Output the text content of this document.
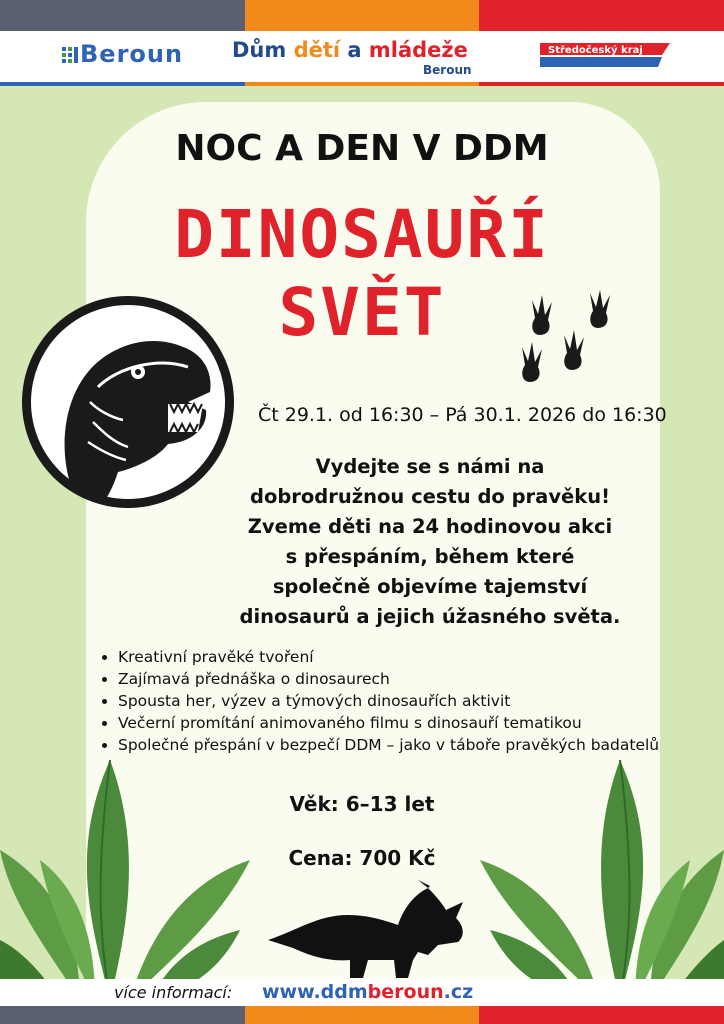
Beroun Dům dětí a mládeže
Beroun
Středočeský kraj
NOC A DEN V DDM
DINOSAUŘÍ
SVĚT
Čt 29.1. od 16:30 – Pá 30.1. 2026 do 16:30
Vydejte se s námi na
dobrodružnou cestu do pravěku!
Zveme děti na 24 hodinovou akci
s přespáním, během které
společně objevíme tajemství
dinosaurů a jejich úžasného světa.
• Kreativní pravěké tvoření
• Zajímavá přednáška o dinosaurech
• Spousta her, výzev a týmových dinosauřích aktivit
• Večerní promítání animovaného filmu s dinosauří tematikou
• Společné přespání v bezpečí DDM – jako v táboře pravěkých badatelů
Věk: 6–13 let
Cena: 700 Kč
více informací: www.ddmberoun.cz
